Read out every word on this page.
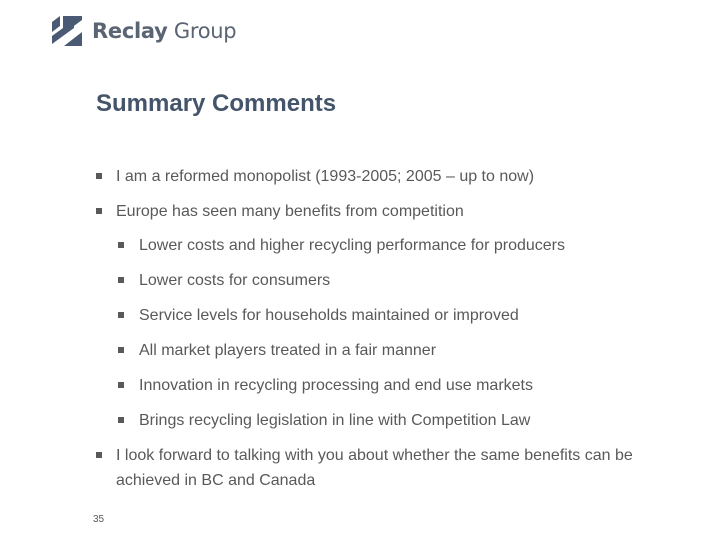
Reclay Group
Summary Comments
I am a reformed monopolist (1993-2005; 2005 – up to now)
Europe has seen many benefits from competition
Lower costs and higher recycling performance for producers
Lower costs for consumers
Service levels for households maintained or improved
All market players treated in a fair manner
Innovation in recycling processing and end use markets
Brings recycling legislation in line with Competition Law
I look forward to talking with you about whether the same benefits can be achieved in BC and Canada
35
